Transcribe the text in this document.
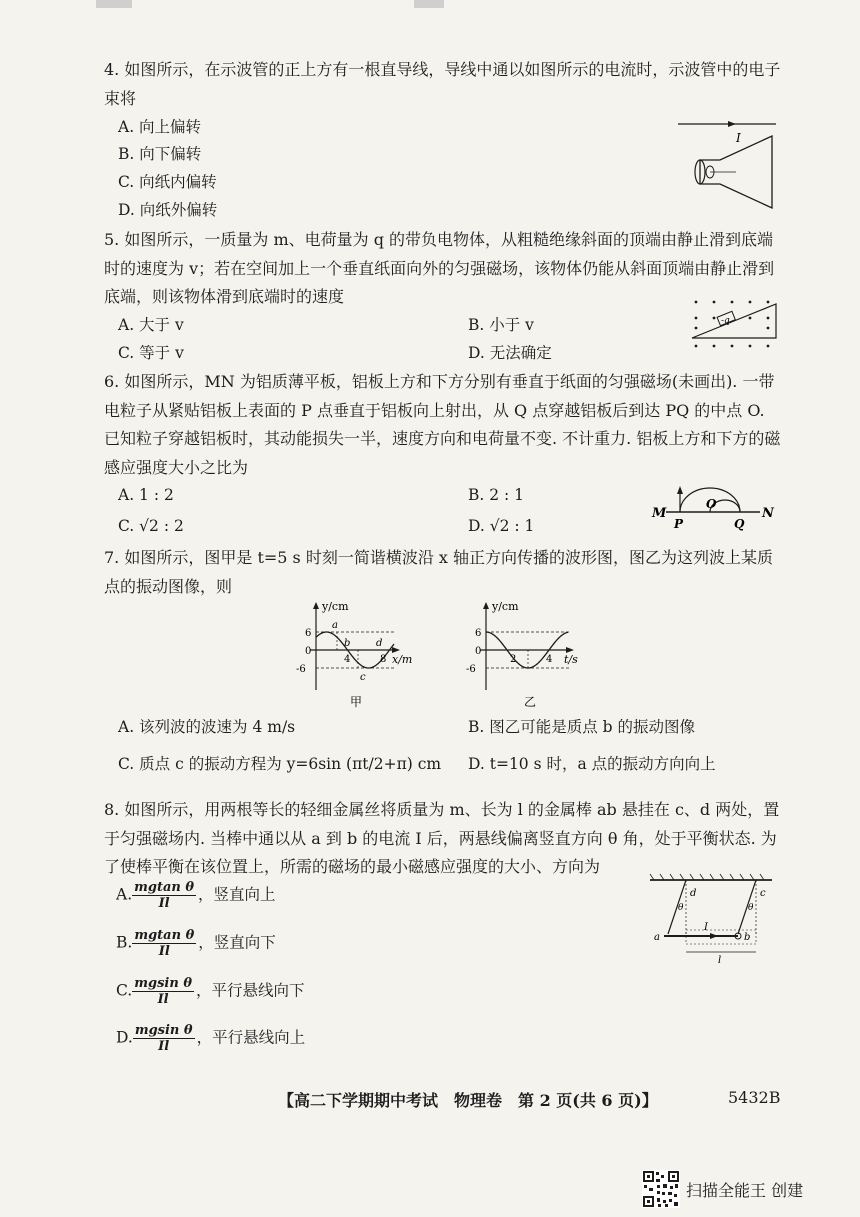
4. 如图所示，在示波管的正上方有一根直导线，导线中通以如图所示的电流时，示波管中的电子束将
A. 向上偏转
B. 向下偏转
C. 向纸内偏转
D. 向纸外偏转
I
5. 如图所示，一质量为 m、电荷量为 q 的带负电物体，从粗糙绝缘斜面的顶端由静止滑到底端时的速度为 v；若在空间加上一个垂直纸面向外的匀强磁场，该物体仍能从斜面顶端由静止滑到底端，则该物体滑到底端时的速度
A. 大于 v	B. 小于 v
C. 等于 v	D. 无法确定
-q
6. 如图所示，MN 为铝质薄平板，铝板上方和下方分别有垂直于纸面的匀强磁场(未画出). 一带电粒子从紧贴铝板上表面的 P 点垂直于铝板向上射出，从 Q 点穿越铝板后到达 PQ 的中点 O. 已知粒子穿越铝板时，其动能损失一半，速度方向和电荷量不变. 不计重力. 铝板上方和下方的磁感应强度大小之比为
A. 1 : 2	B. 2 : 1
C. √2 : 2	D. √2 : 1
M
P
O
Q
N
7. 如图所示，图甲是 t=5 s 时刻一简谐横波沿 x 轴正方向传播的波形图，图乙为这列波上某质点的振动图像，则
y/cm
x/m
6
0
-6
4	8
a
b
c
d
甲
y/cm
t/s
6
0
-6
2	4
乙
A. 该列波的波速为 4 m/s	B. 图乙可能是质点 b 的振动图像
C. 质点 c 的振动方程为 y=6sin (πt/2+π) cm D. t=10 s 时，a 点的振动方向向上
8. 如图所示，用两根等长的轻细金属丝将质量为 m、长为 l 的金属棒 ab 悬挂在 c、d 两处，置于匀强磁场内. 当棒中通以从 a 到 b 的电流 I 后，两悬线偏离竖直方向 θ 角，处于平衡状态. 为了使棒平衡在该位置上，所需的磁场的最小磁感应强度的大小、方向为
A. $\frac{\text{mgtan θ}}{Il}$ ，竖直向上
B. $\frac{\text{mgtan θ}}{Il}$ ，竖直向下
C. $\frac{\text{mgsin θ}}{Il}$ ，平行悬线向下
D. $\frac{\text{mgsin θ}}{Il}$ ，平行悬线向上
d	c
θ	θ
a	b
I
l
【高二下学期期中考试　物理卷　第 2 页(共 6 页)】	5432B
扫描全能王 创建
